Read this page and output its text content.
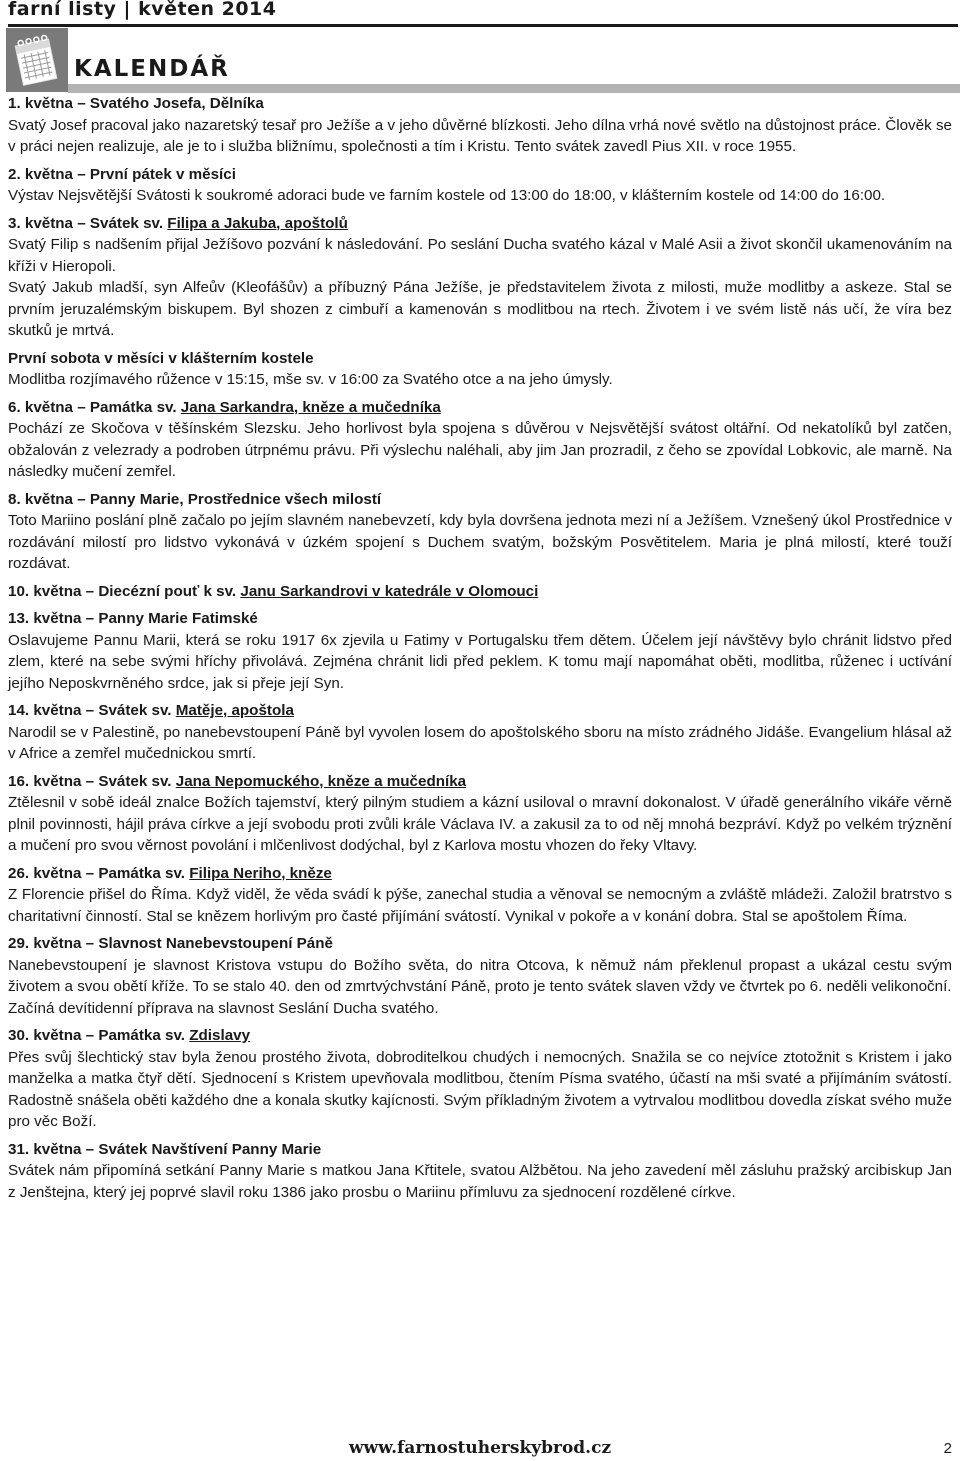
farní listy | květen 2014
KALENDÁŘ

1. května – Svatého Josefa, Dělníka

Svatý Josef pracoval jako nazaretský tesař pro Ježíše a v jeho důvěrné blízkosti. Jeho dílna vrhá nové světlo na důstojnost práce. Člověk se v práci nejen realizuje, ale je to i služba bližnímu, společnosti a tím i Kristu. Tento svátek zavedl Pius XII. v roce 1955.

2. května – První pátek v měsíci

Výstav Nejsvětější Svátosti k soukromé adoraci bude ve farním kostele od 13:00 do 18:00, v klášterním kostele od 14:00 do 16:00.

3. května – Svátek sv. Filipa a Jakuba, apoštolů

Svatý Filip s nadšením přijal Ježíšovo pozvání k následování. Po seslání Ducha svatého kázal v Malé Asii a život skončil ukamenováním na kříži v Hieropoli.

Svatý Jakub mladší, syn Alfeův (Kleofášův) a příbuzný Pána Ježíše, je představitelem života z milosti, muže modlitby a askeze. Stal se prvním jeruzalémským biskupem. Byl shozen z cimbuří a kamenován s modlitbou na rtech. Životem i ve svém listě nás učí, že víra bez skutků je mrtvá.

První sobota v měsíci v klášterním kostele

Modlitba rozjímavého růžence v 15:15, mše sv. v 16:00 za Svatého otce a na jeho úmysly.

6. května – Památka sv. Jana Sarkandra, kněze a mučedníka

Pochází ze Skočova v těšínském Slezsku. Jeho horlivost byla spojena s důvěrou v Nejsvětější svátost oltářní. Od nekatolíků byl zatčen, obžalován z velezrady a podroben útrpnému právu. Při výslechu naléhali, aby jim Jan prozradil, z čeho se zpovídal Lobkovic, ale marně. Na následky mučení zemřel.

8. května – Panny Marie, Prostřednice všech milostí

Toto Mariino poslání plně začalo po jejím slavném nanebevzetí, kdy byla dovršena jednota mezi ní a Ježíšem. Vznešený úkol Prostřednice v rozdávání milostí pro lidstvo vykonává v úzkém spojení s Duchem svatým, božským Posvětitelem. Maria je plná milostí, které touží rozdávat.

10. května – Diecézní pouť k sv. Janu Sarkandrovi v katedrále v Olomouci

13. května – Panny Marie Fatimské

Oslavujeme Pannu Marii, která se roku 1917 6x zjevila u Fatimy v Portugalsku třem dětem. Účelem její návštěvy bylo chránit lidstvo před zlem, které na sebe svými hříchy přivolává. Zejména chránit lidi před peklem. K tomu mají napomáhat oběti, modlitba, růženec i uctívání jejího Neposkvrněného srdce, jak si přeje její Syn.

14. května – Svátek sv. Matěje, apoštola

Narodil se v Palestině, po nanebevstoupení Páně byl vyvolen losem do apoštolského sboru na místo zrádného Jidáše. Evangelium hlásal až v Africe a zemřel mučednickou smrtí.

16. května – Svátek sv. Jana Nepomuckého, kněze a mučedníka

Ztělesnil v sobě ideál znalce Božích tajemství, který pilným studiem a kázní usiloval o mravní dokonalost. V úřadě generálního vikáře věrně plnil povinnosti, hájil práva církve a její svobodu proti zvůli krále Václava IV. a zakusil za to od něj mnohá bezpráví. Když po velkém trýznění a mučení pro svou věrnost povolání i mlčenlivost dodýchal, byl z Karlova mostu vhozen do řeky Vltavy.

26. května – Památka sv. Filipa Neriho, kněze

Z Florencie přišel do Říma. Když viděl, že věda svádí k pýše, zanechal studia a věnoval se nemocným a zvláště mládeži. Založil bratrstvo s charitativní činností. Stal se knězem horlivým pro časté přijímání svátostí. Vynikal v pokoře a v konání dobra. Stal se apoštolem Říma.

29. května – Slavnost Nanebevstoupení Páně

Nanebevstoupení je slavnost Kristova vstupu do Božího světa, do nitra Otcova, k němuž nám překlenul propast a ukázal cestu svým životem a svou obětí kříže. To se stalo 40. den od zmrtvýchvstání Páně, proto je tento svátek slaven vždy ve čtvrtek po 6. neděli velikonoční.

Začíná devítidenní příprava na slavnost Seslání Ducha svatého.

30. května – Památka sv. Zdislavy

Přes svůj šlechtický stav byla ženou prostého života, dobroditelkou chudých i nemocných. Snažila se co nejvíce ztotožnit s Kristem i jako manželka a matka čtyř dětí. Sjednocení s Kristem upevňovala modlitbou, čtením Písma svatého, účastí na mši svaté a přijímáním svátostí. Radostně snášela oběti každého dne a konala skutky kajícnosti. Svým příkladným životem a vytrvalou modlitbou dovedla získat svého muže pro věc Boží.

31. května – Svátek Navštívení Panny Marie

Svátek nám připomíná setkání Panny Marie s matkou Jana Křtitele, svatou Alžbětou. Na jeho zavedení měl zásluhu pražský arcibiskup Jan z Jenštejna, který jej poprvé slavil roku 1386 jako prosbu o Mariinu přímluvu za sjednocení rozdělené církve.

www.farnostuherskybrod.cz	2
